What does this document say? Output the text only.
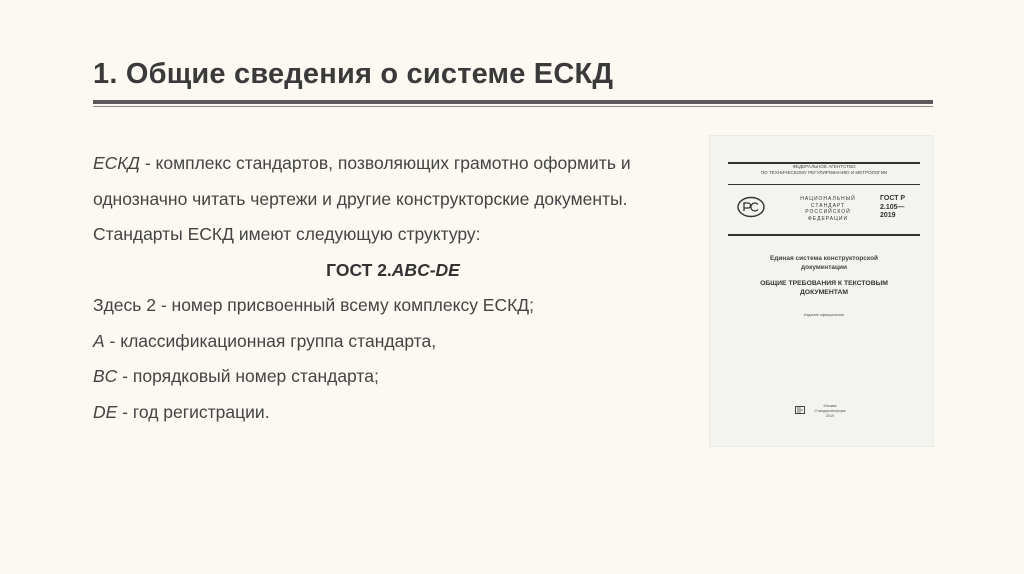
1. Общие сведения о системе ЕСКД
ЕСКД - комплекс стандартов, позволяющих грамотно оформить и
однозначно читать чертежи и другие конструкторские документы.
Стандарты ЕСКД имеют следующую структуру:
ГОСТ 2.ABC-DE
Здесь 2 - номер присвоенный всему комплексу ЕСКД;
A - классификационная группа стандарта,
BC - порядковый номер стандарта;
DE - год регистрации.
ФЕДЕРАЛЬНОЕ АГЕНТСТВО
ПО ТЕХНИЧЕСКОМУ РЕГУЛИРОВАНИЮ И МЕТРОЛОГИИ
НАЦИОНАЛЬНЫЙ
СТАНДАРТ
РОССИЙСКОЙ
ФЕДЕРАЦИИ
ГОСТ Р
2.105—
2019
Единая система конструкторской
документации
ОБЩИЕ ТРЕБОВАНИЯ К ТЕКСТОВЫМ
ДОКУМЕНТАМ
Издание официальное
Москва
Стандартинформ
2019
